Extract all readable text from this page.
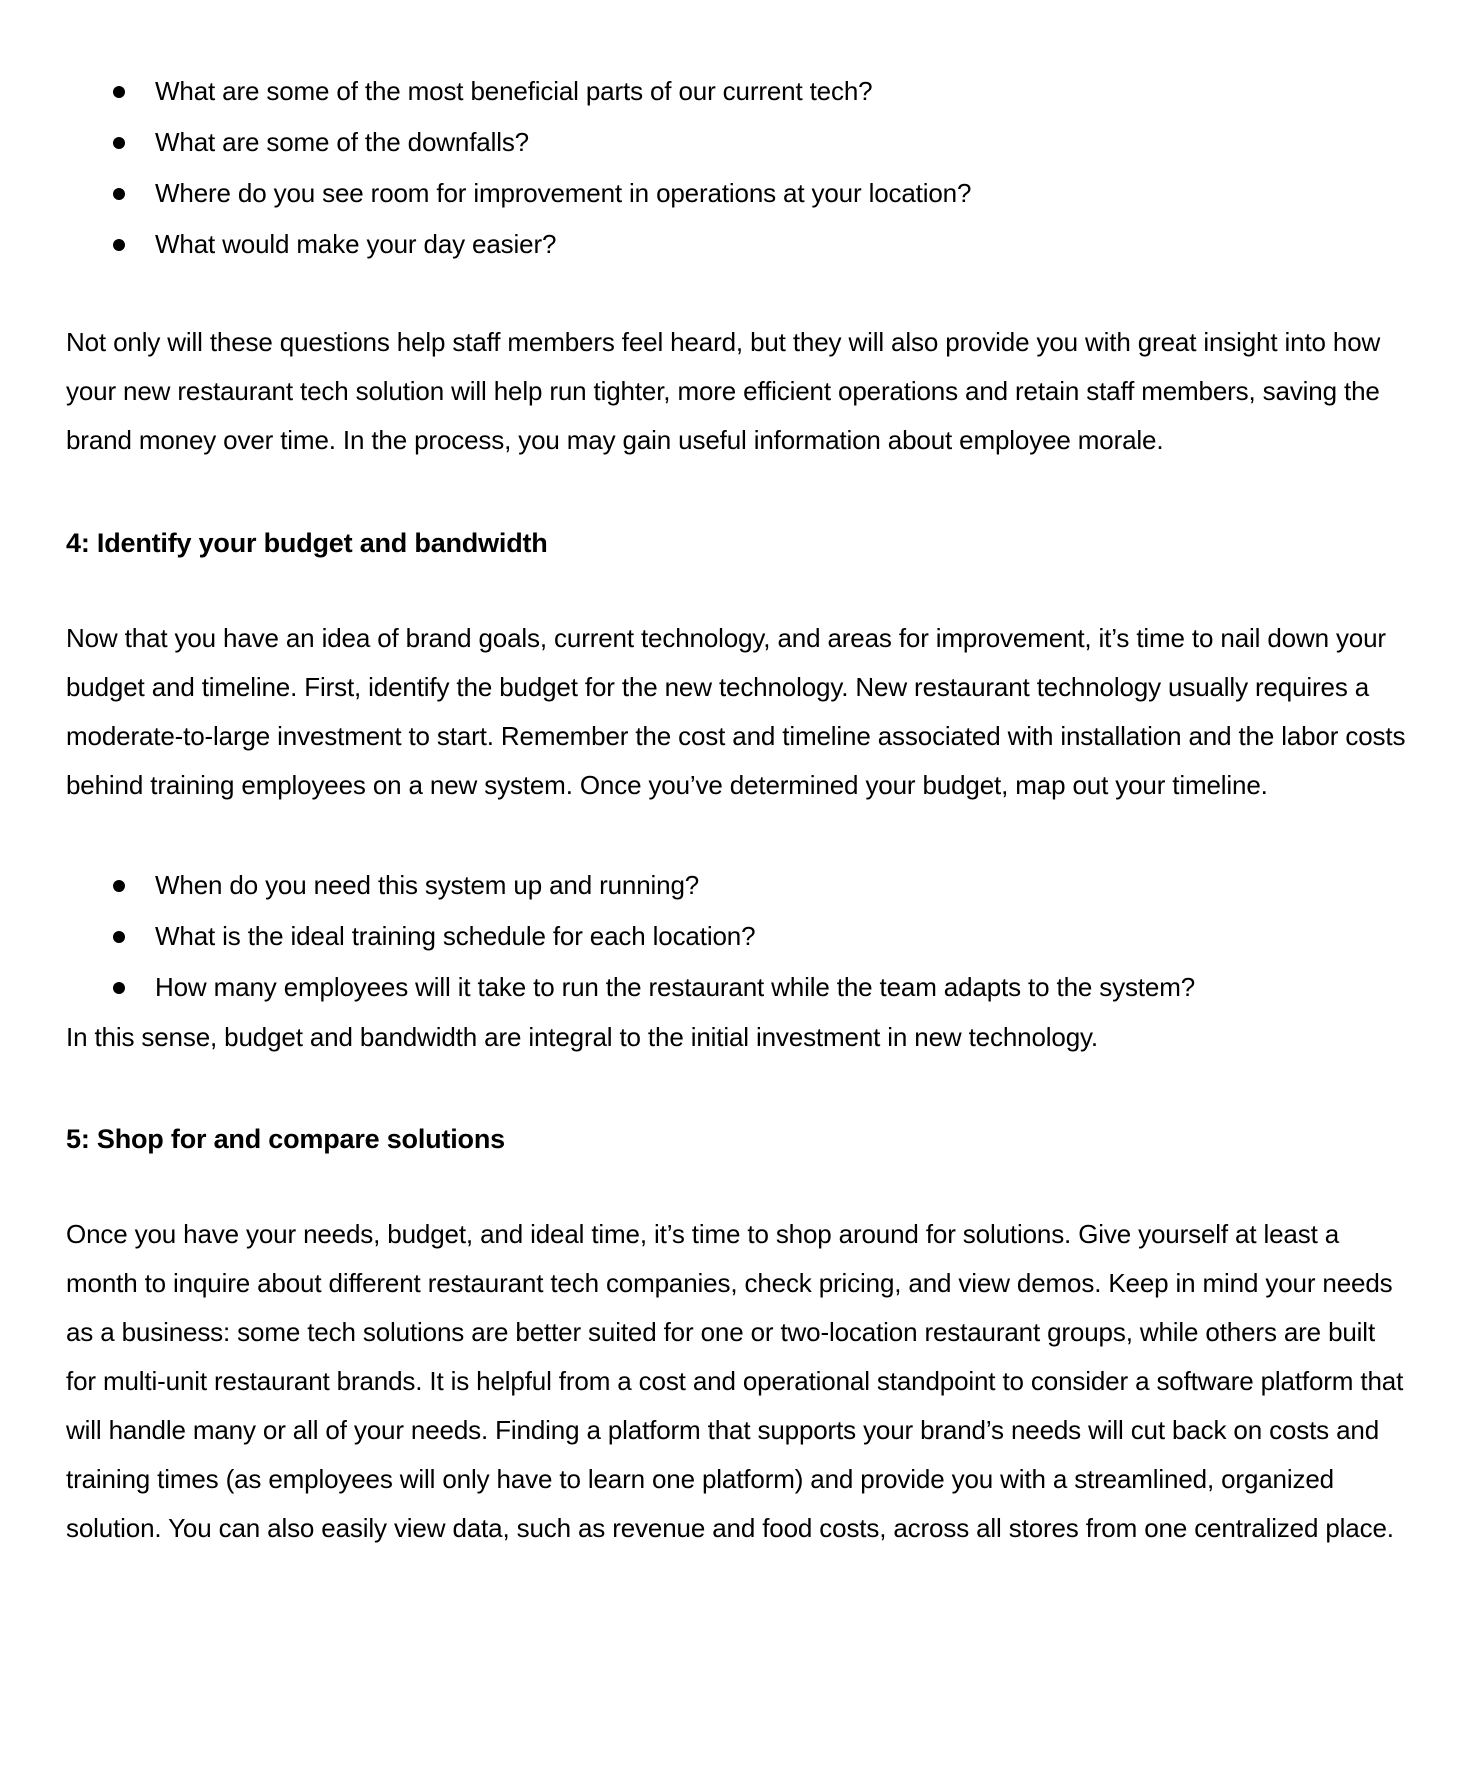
What are some of the most beneficial parts of our current tech?
What are some of the downfalls?
Where do you see room for improvement in operations at your location?
What would make your day easier?

Not only will these questions help staff members feel heard, but they will also provide you with great insight into how your new restaurant tech solution will help run tighter, more efficient operations and retain staff members, saving the brand money over time. In the process, you may gain useful information about employee morale.

4: Identify your budget and bandwidth

Now that you have an idea of brand goals, current technology, and areas for improvement, it’s time to nail down your budget and timeline. First, identify the budget for the new technology. New restaurant technology usually requires a moderate-to-large investment to start. Remember the cost and timeline associated with installation and the labor costs behind training employees on a new system. Once you’ve determined your budget, map out your timeline.

When do you need this system up and running?
What is the ideal training schedule for each location?
How many employees will it take to run the restaurant while the team adapts to the system?

In this sense, budget and bandwidth are integral to the initial investment in new technology.

5: Shop for and compare solutions

Once you have your needs, budget, and ideal time, it’s time to shop around for solutions. Give yourself at least a month to inquire about different restaurant tech companies, check pricing, and view demos. Keep in mind your needs as a business: some tech solutions are better suited for one or two-location restaurant groups, while others are built for multi-unit restaurant brands. It is helpful from a cost and operational standpoint to consider a software platform that will handle many or all of your needs. Finding a platform that supports your brand’s needs will cut back on costs and training times (as employees will only have to learn one platform) and provide you with a streamlined, organized solution. You can also easily view data, such as revenue and food costs, across all stores from one centralized place.
